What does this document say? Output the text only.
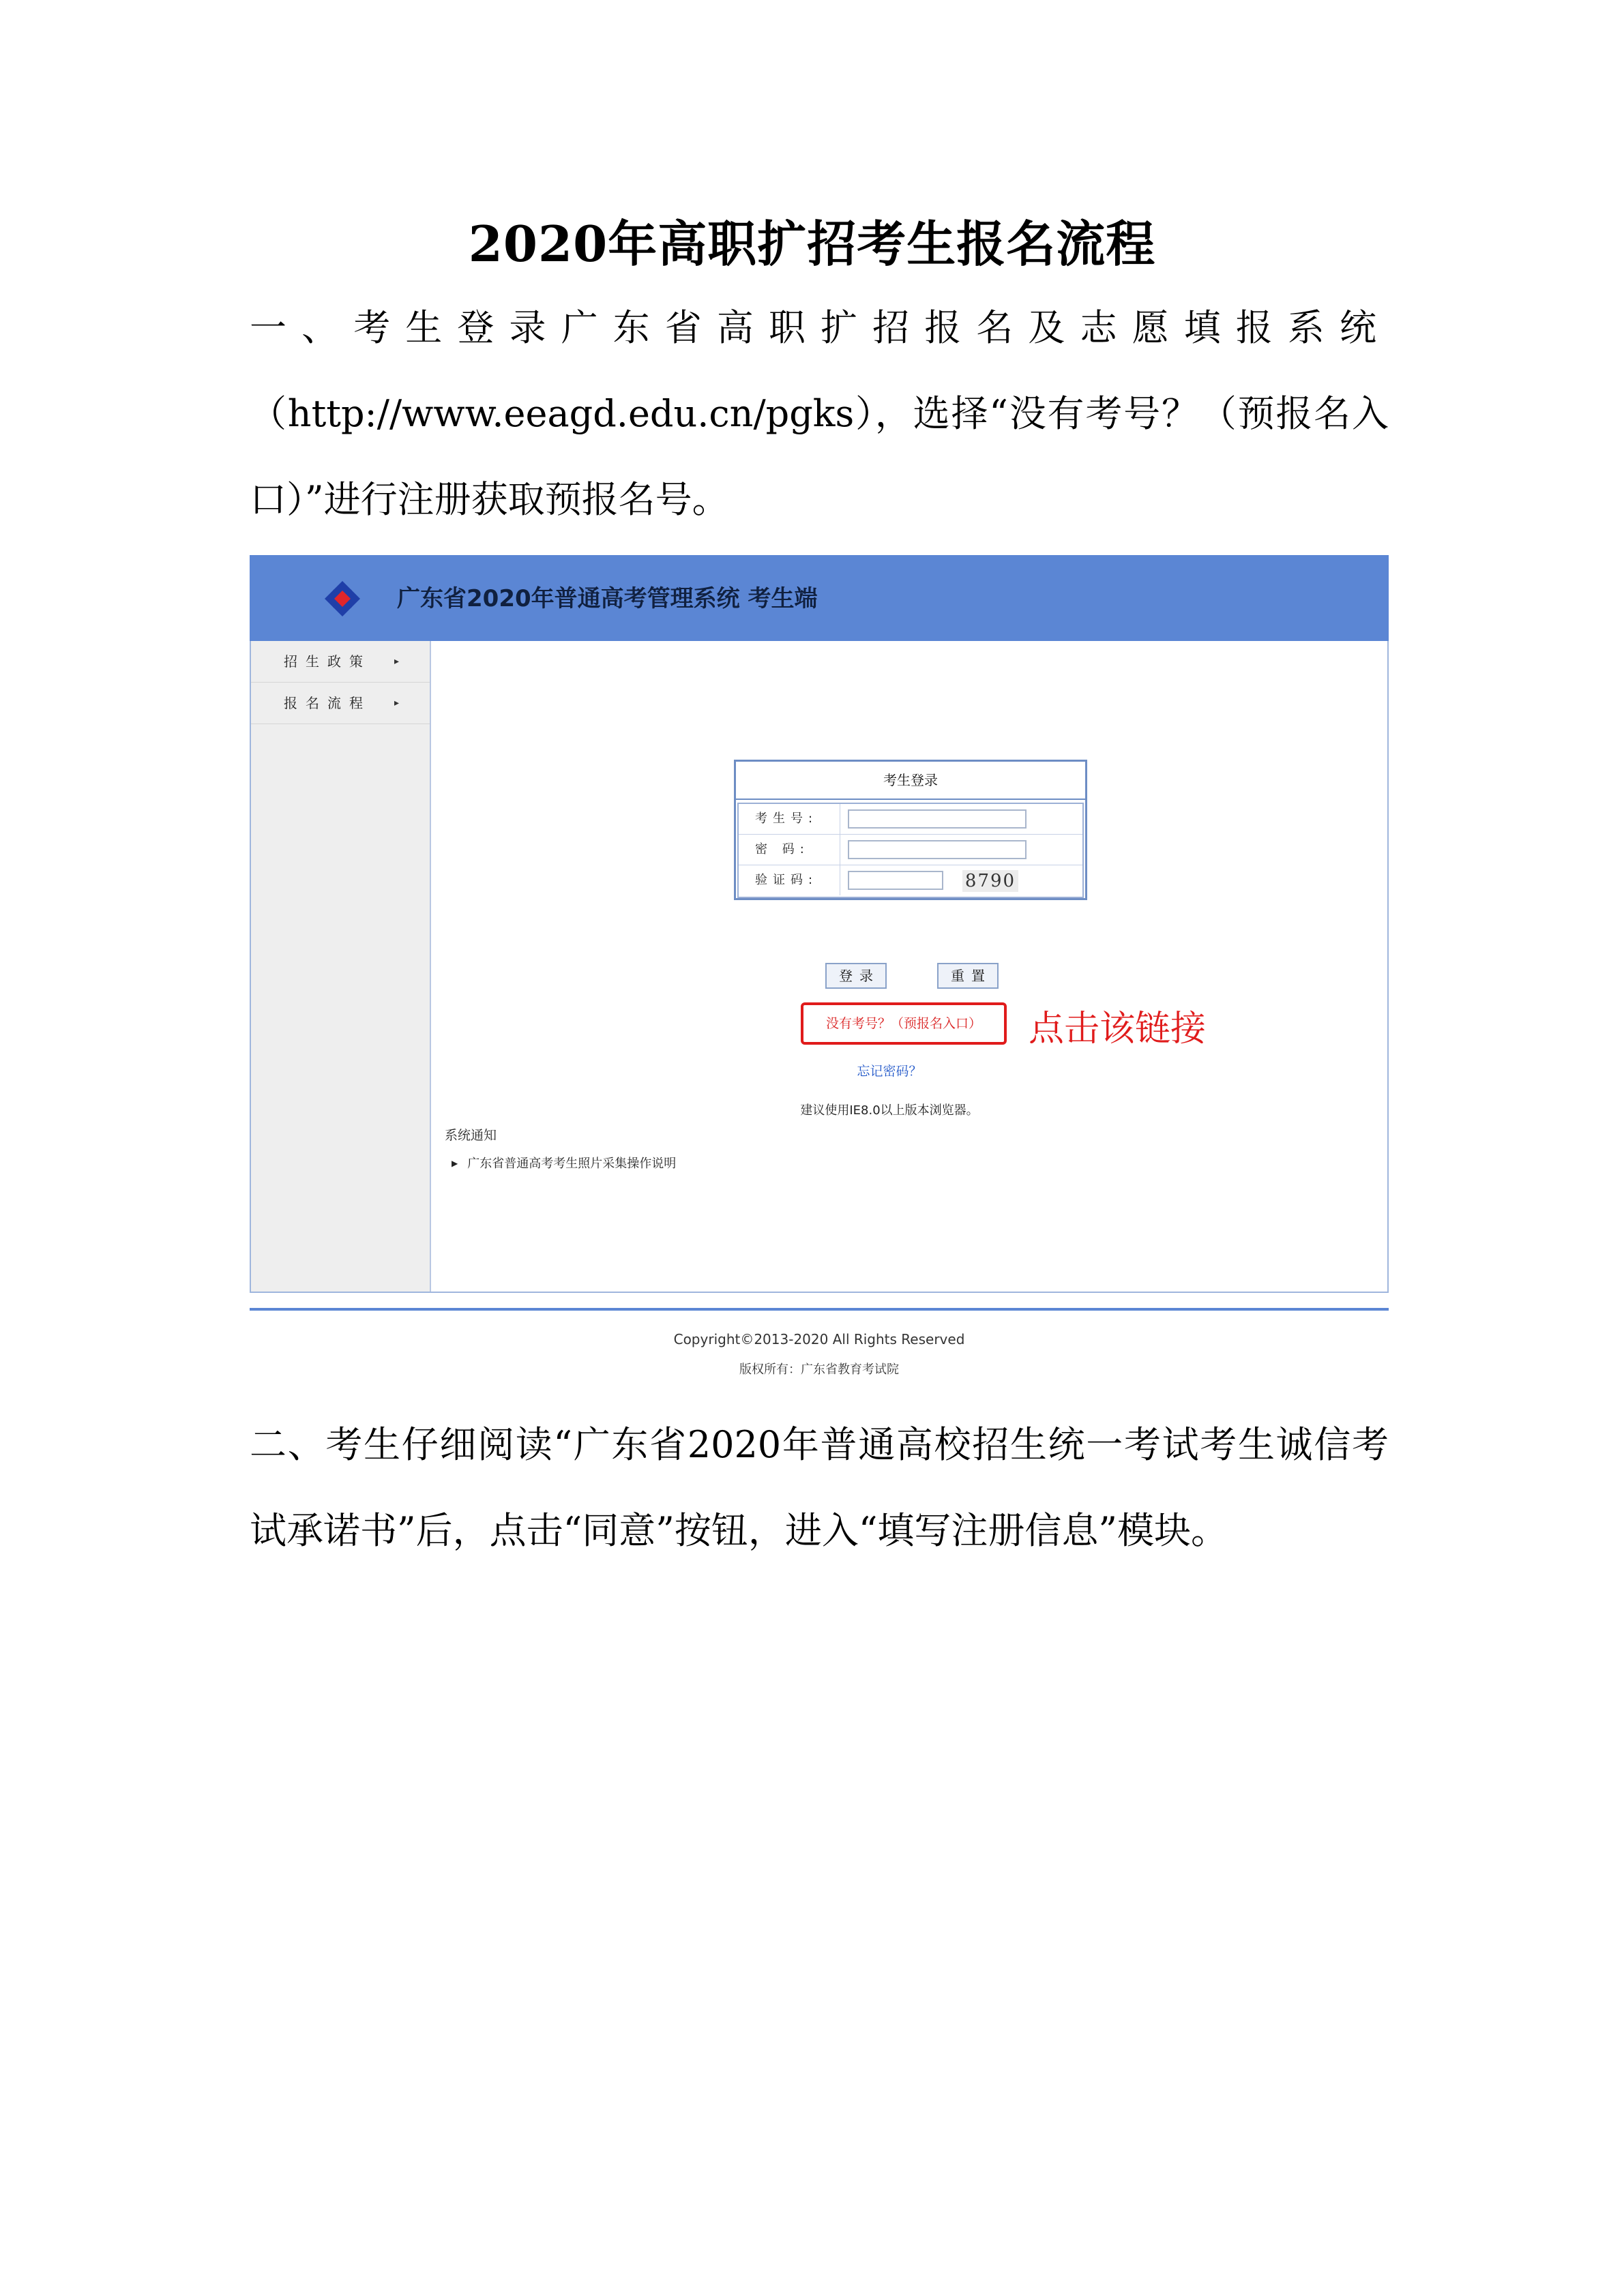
2020年高职扩招考生报名流程
一、考生登录广东省高职扩招报名及志愿填报系统
（http://www.eeagd.edu.cn/pgks），选择“没有考号？（预报名入口）”进行注册获取预报名号。
广东省2020年普通高考管理系统 考生端
招生政策 ▸
报名流程 ▸
考生登录
考生号:
密 码:
验证码:	8790
登录	重置
没有考号？（预报名入口）	点击该链接
忘记密码？
建议使用IE8.0以上版本浏览器。
系统通知
▶ 广东省普通高考考生照片采集操作说明
Copyright©2013-2020 All Rights Reserved
版权所有：广东省教育考试院
二、考生仔细阅读“广东省2020年普通高校招生统一考试考生诚信考试承诺书”后，点击“同意”按钮，进入“填写注册信息”模块。
